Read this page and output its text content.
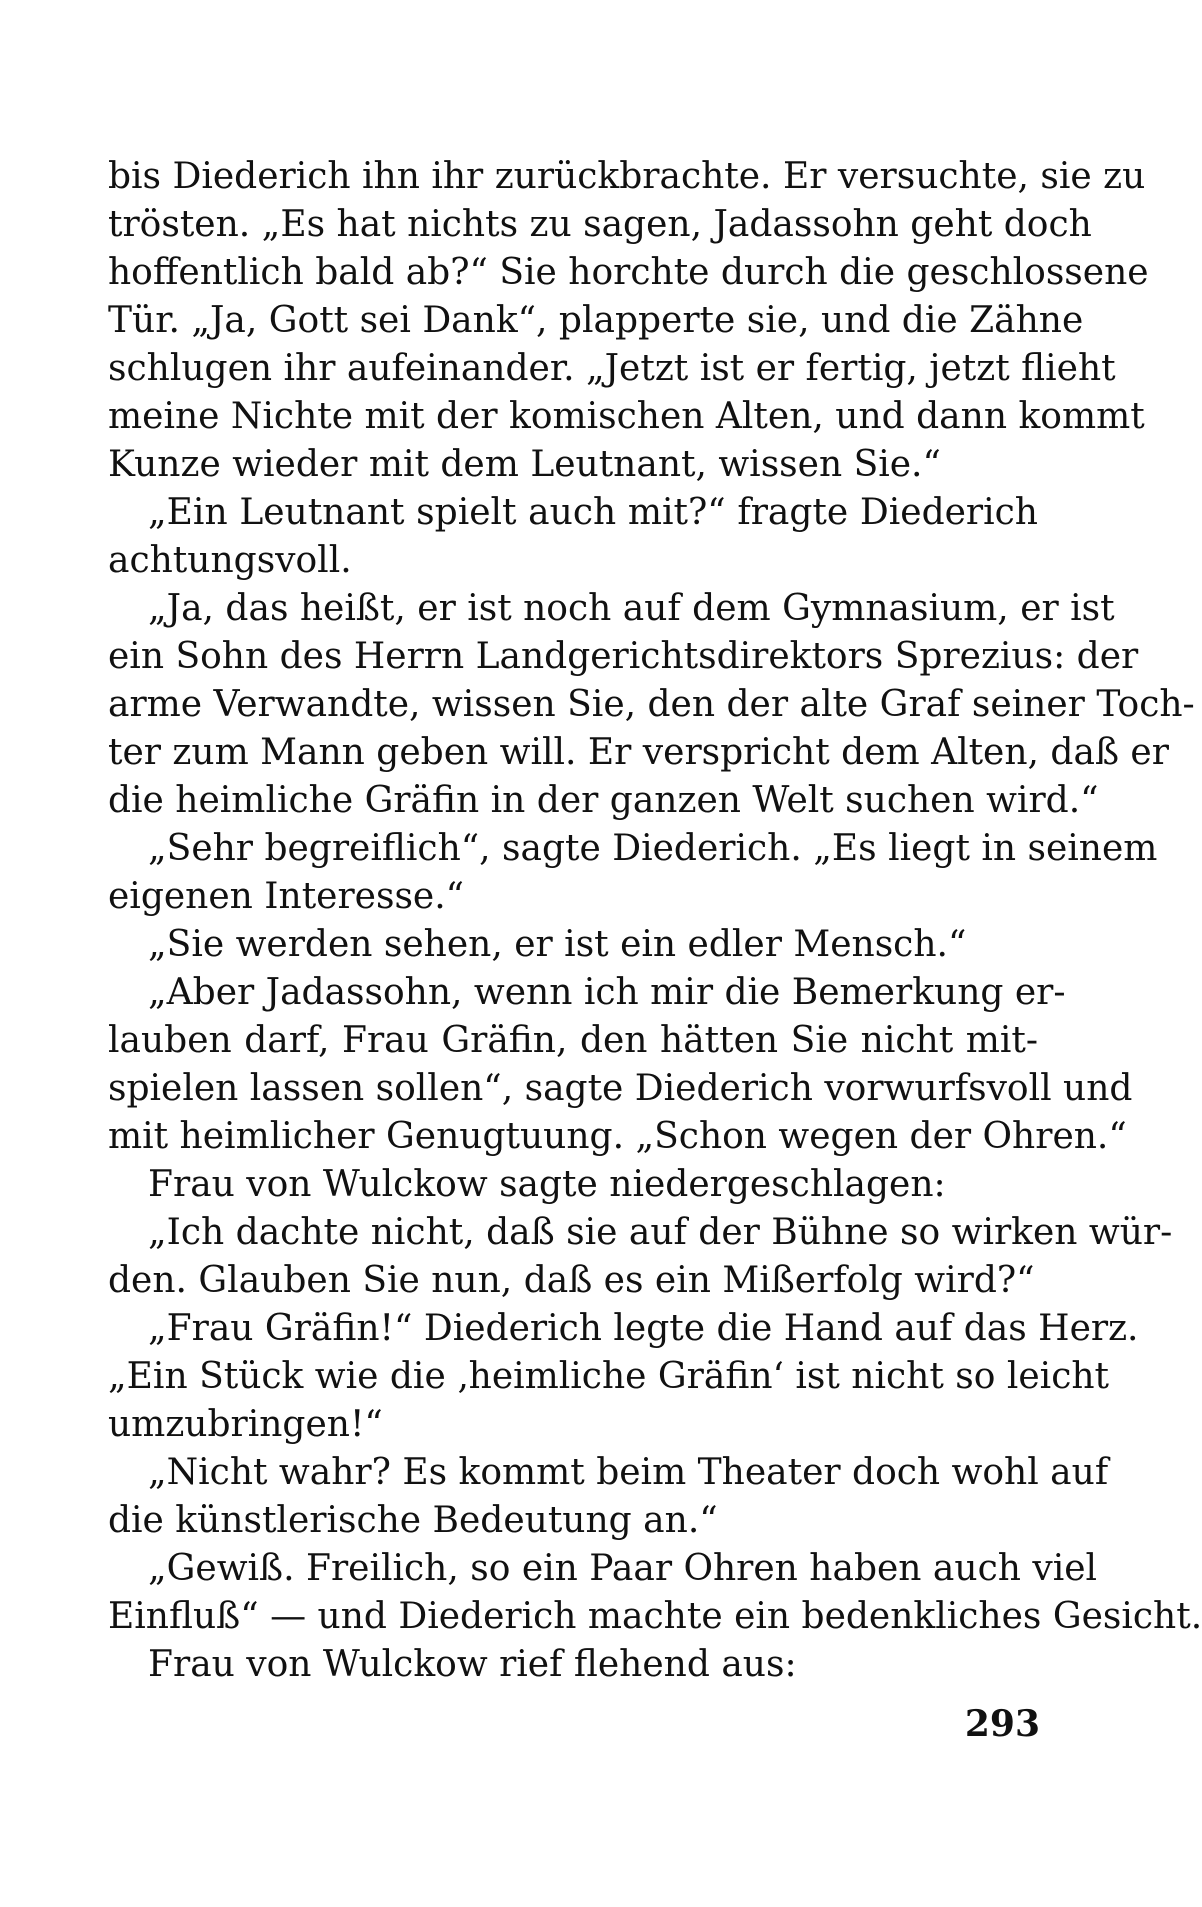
bis Diederich ihn ihr zurückbrachte. Er versuchte, sie zu
trösten. „Es hat nichts zu sagen, Jadassohn geht doch
hoffentlich bald ab?“ Sie horchte durch die geschlossene
Tür. „Ja, Gott sei Dank“, plapperte sie, und die Zähne
schlugen ihr aufeinander. „Jetzt ist er fertig, jetzt flieht
meine Nichte mit der komischen Alten, und dann kommt
Kunze wieder mit dem Leutnant, wissen Sie.“
„Ein Leutnant spielt auch mit?“ fragte Diederich
achtungsvoll.
„Ja, das heißt, er ist noch auf dem Gymnasium, er ist
ein Sohn des Herrn Landgerichtsdirektors Sprezius: der
arme Verwandte, wissen Sie, den der alte Graf seiner Toch-
ter zum Mann geben will. Er verspricht dem Alten, daß er
die heimliche Gräfin in der ganzen Welt suchen wird.“
„Sehr begreiflich“, sagte Diederich. „Es liegt in seinem
eigenen Interesse.“
„Sie werden sehen, er ist ein edler Mensch.“
„Aber Jadassohn, wenn ich mir die Bemerkung er-
lauben darf, Frau Gräfin, den hätten Sie nicht mit-
spielen lassen sollen“, sagte Diederich vorwurfsvoll und
mit heimlicher Genugtuung. „Schon wegen der Ohren.“
Frau von Wulckow sagte niedergeschlagen:
„Ich dachte nicht, daß sie auf der Bühne so wirken wür-
den. Glauben Sie nun, daß es ein Mißerfolg wird?“
„Frau Gräfin!“ Diederich legte die Hand auf das Herz.
„Ein Stück wie die ‚heimliche Gräfin‘ ist nicht so leicht
umzubringen!“
„Nicht wahr? Es kommt beim Theater doch wohl auf
die künstlerische Bedeutung an.“
„Gewiß. Freilich, so ein Paar Ohren haben auch viel
Einfluß“ — und Diederich machte ein bedenkliches Gesicht.
Frau von Wulckow rief flehend aus:
293
